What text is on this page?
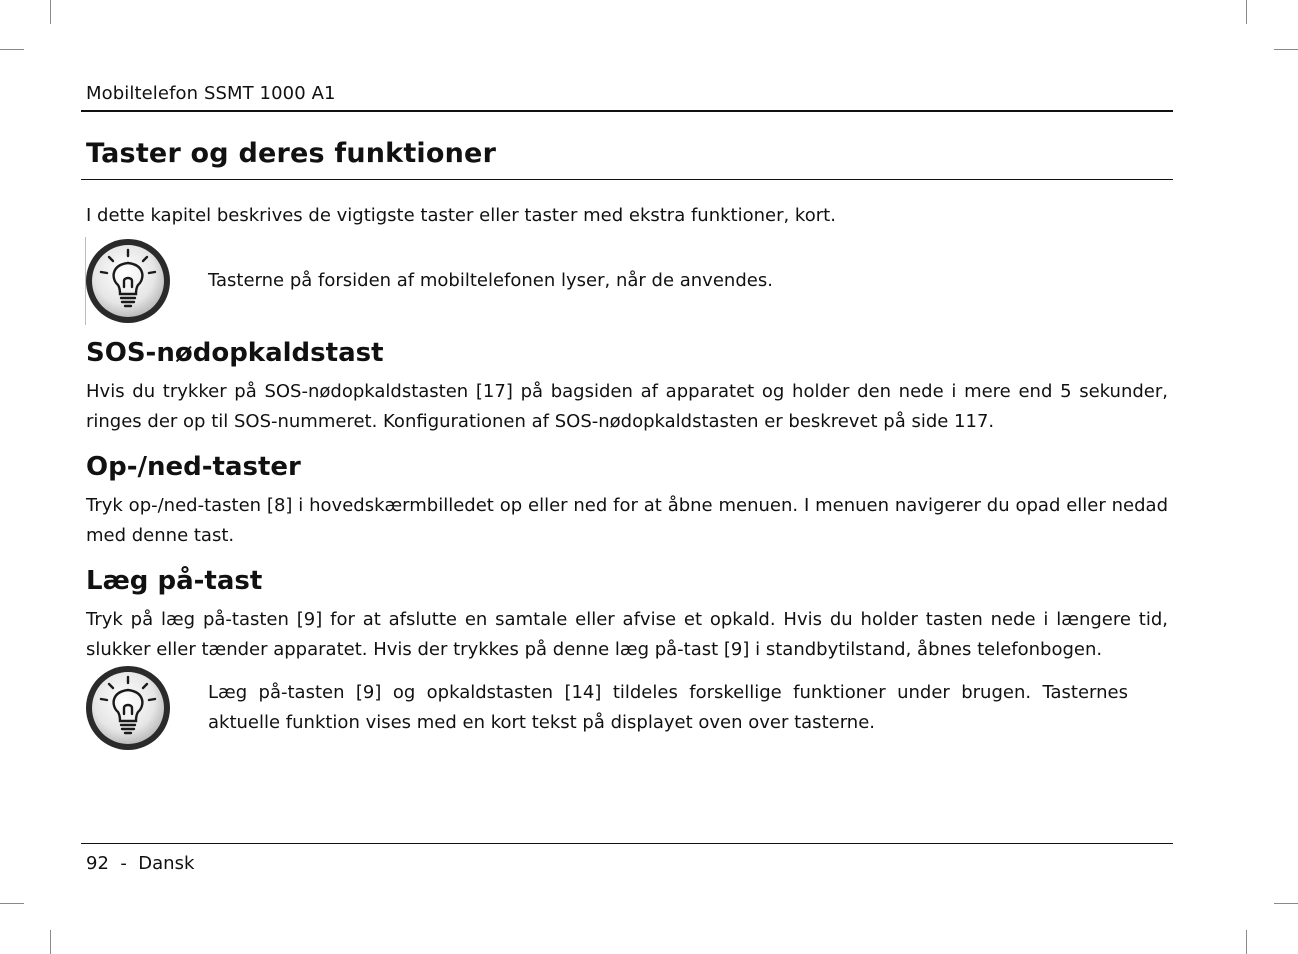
Mobiltelefon SSMT 1000 A1
Taster og deres funktioner

I dette kapitel beskrives de vigtigste taster eller taster med ekstra funktioner, kort.

Tasterne på forsiden af mobiltelefonen lyser, når de anvendes.

SOS-nødopkaldstast

Hvis du trykker på SOS-nødopkaldstasten [17] på bagsiden af apparatet og holder den nede i mere end 5 sekunder, ringes der op til SOS-nummeret. Konfigurationen af SOS-nødopkaldstasten er beskrevet på side 117.

Op-/ned-taster

Tryk op-/ned-tasten [8] i hovedskærmbilledet op eller ned for at åbne menuen. I menuen navigerer du opad eller nedad med denne tast.

Læg på-tast

Tryk på læg på-tasten [9] for at afslutte en samtale eller afvise et opkald. Hvis du holder tasten nede i længere tid, slukker eller tænder apparatet. Hvis der trykkes på denne læg på-tast [9] i standbytilstand, åbnes telefonbogen.

Læg på-tasten [9] og opkaldstasten [14] tildeles forskellige funktioner under brugen. Tasternes aktuelle funktion vises med en kort tekst på displayet oven over tasterne.

92  -  Dansk
